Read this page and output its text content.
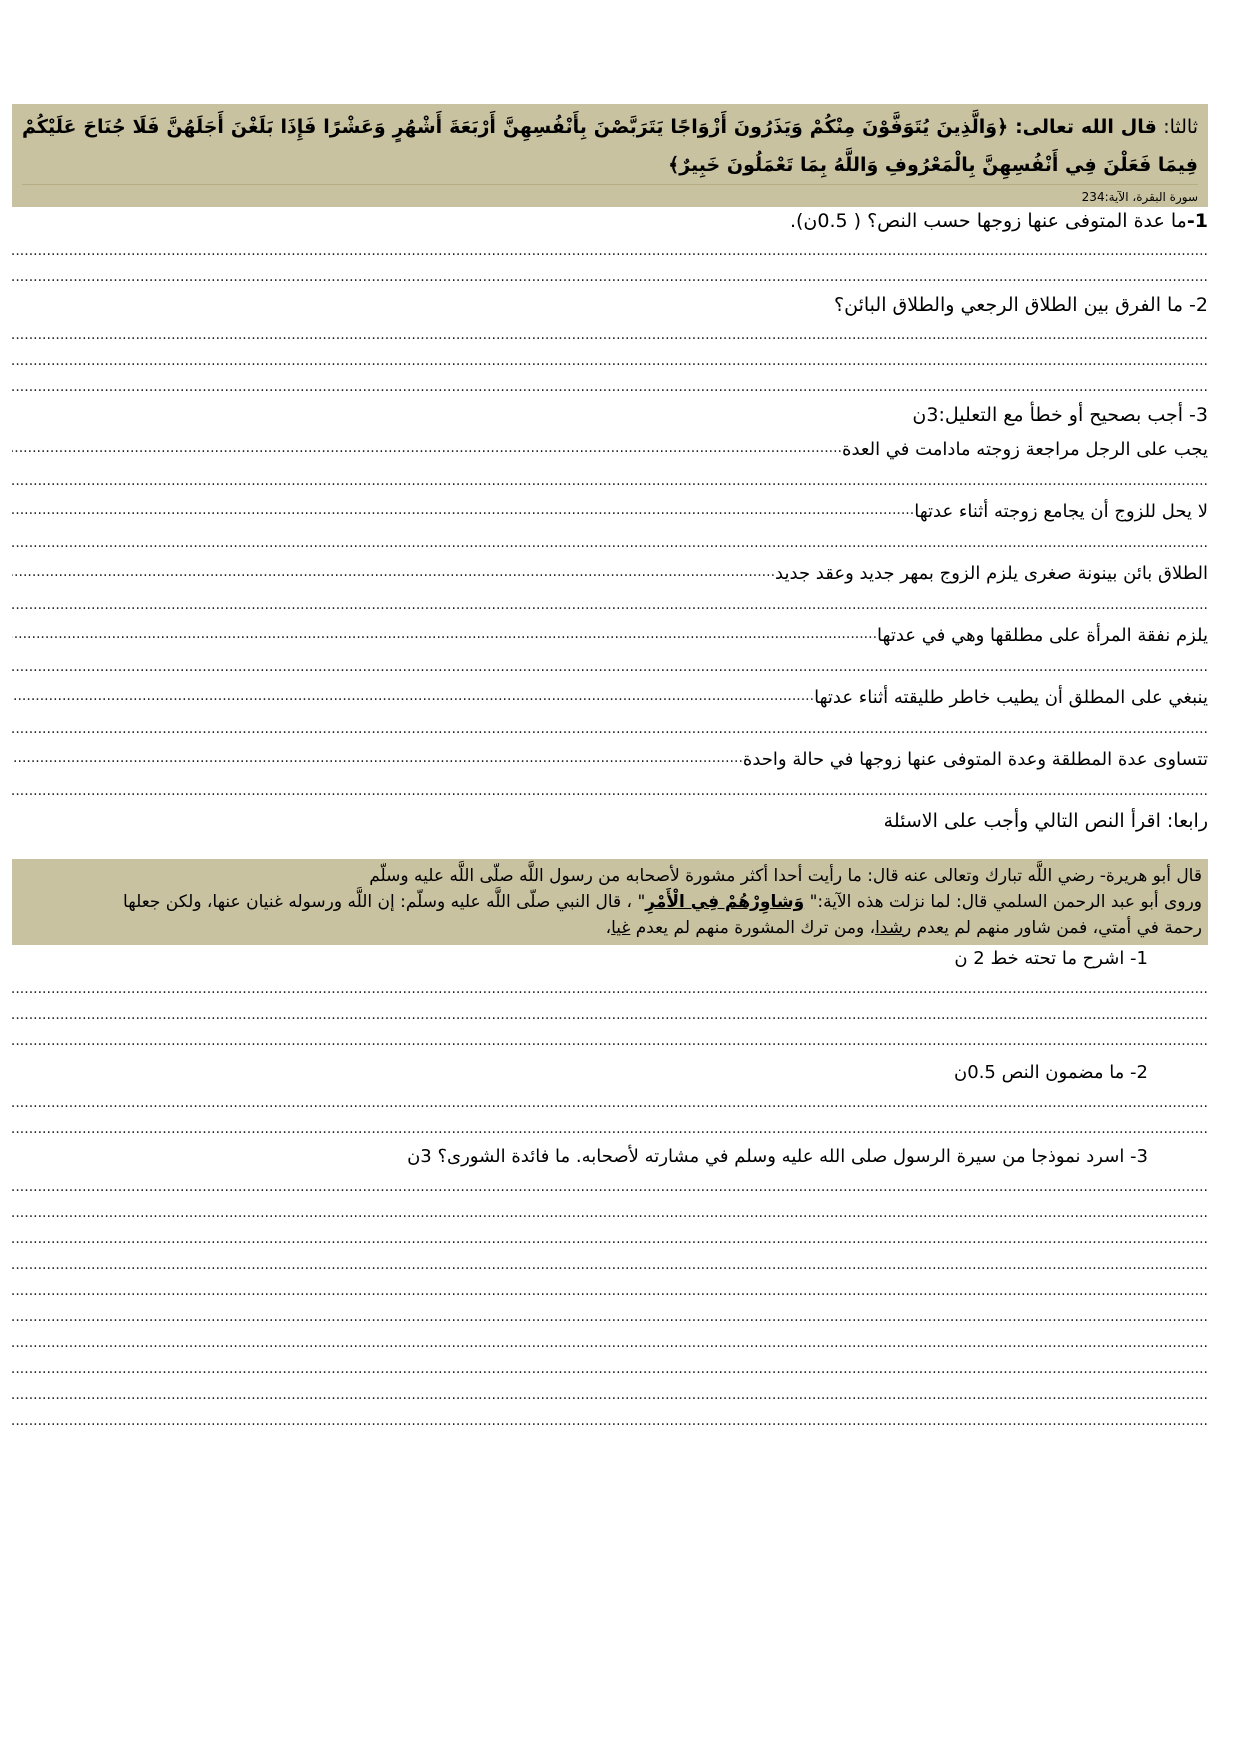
ثالثا: قال الله تعالى: ﴿وَالَّذِينَ يُتَوَفَّوْنَ مِنْكُمْ وَيَذَرُونَ أَزْوَاجًا يَتَرَبَّصْنَ بِأَنْفُسِهِنَّ أَرْبَعَةَ أَشْهُرٍ وَعَشْرًا فَإِذَا بَلَغْنَ أَجَلَهُنَّ فَلَا جُنَاحَ عَلَيْكُمْ فِيمَا فَعَلْنَ فِي أَنْفُسِهِنَّ بِالْمَعْرُوفِ وَاللَّهُ بِمَا تَعْمَلُونَ خَبِيرٌ﴾
سورة البقرة، الآية:234
1-ما عدة المتوفى عنها زوجها حسب النص؟ ( 0.5ن).
.....
.....
2- ما الفرق بين الطلاق الرجعي والطلاق البائن؟
.....
.....
.....
3- أجب بصحيح أو خطأ مع التعليل:3ن
يجب على الرجل مراجعة زوجته مادامت في العدة
.....
.....
لا يحل للزوج أن يجامع زوجته أثناء عدتها
.....
.....
الطلاق بائن بينونة صغرى يلزم الزوج بمهر جديد وعقد جديد
.....
.....
يلزم نفقة المرأة على مطلقها وهي في عدتها
.....
.....
ينبغي على المطلق أن يطيب خاطر طليقته أثناء عدتها
.....
.....
تتساوى عدة المطلقة وعدة المتوفى عنها زوجها في حالة واحدة
.....
.....
رابعا: اقرأ النص التالي وأجب على الاسئلة
قال أبو هريرة- رضي اللَّه تبارك وتعالى عنه قال: ما رأيت أحدا أكثر مشورة لأصحابه من رسول اللَّه صلّى اللَّه عليه وسلّم
وروى أبو عبد الرحمن السلمي قال: لما نزلت هذه الآية:" وَشاوِرْهُمْ فِي الْأَمْرِ" ، قال النبي صلّى اللَّه عليه وسلّم: إن اللَّه ورسوله غنيان عنها، ولكن جعلها
رحمة في أمتي، فمن شاور منهم لم يعدم رشدا، ومن ترك المشورة منهم لم يعدم غيا،
1- اشرح ما تحته خط 2 ن
.....
.....
.....
2- ما مضمون النص 0.5ن
.....
.....
3- اسرد نموذجا من سيرة الرسول صلى الله عليه وسلم في مشارته لأصحابه. ما فائدة الشورى؟ 3ن
.....
.....
.....
.....
.....
.....
.....
.....
.....
.....
